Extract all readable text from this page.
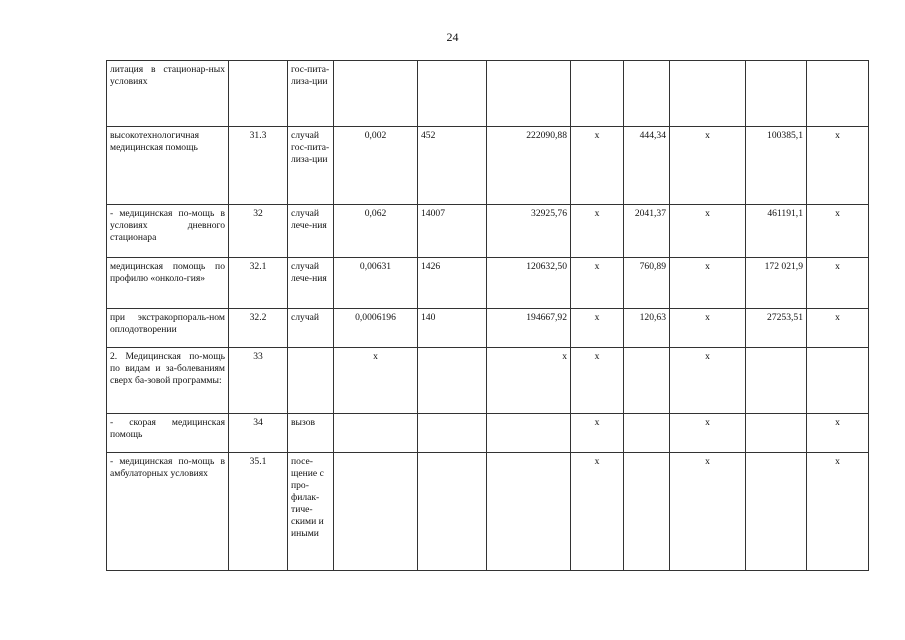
24
литация в стационар-ных условиях		гос-пита-лиза-ции								
высокотехнологичная медицинская помощь	31.3	случай гос-пита-лиза-ции	0,002	452	222090,88	х	444,34	х	100385,1	х
- медицинская по-мощь в условиях дневного стационара	32	случай лече-ния	0,062	14007	32925,76	х	2041,37	х	461191,1	х
медицинская помощь по профилю «онколо-гия»	32.1	случай лече-ния	0,00631	1426	120632,50	х	760,89	х	172 021,9	х
при экстракорпораль-ном оплодотворении	32.2	случай	0,0006196	140	194667,92	х	120,63	х	27253,51	х
2. Медицинская по-мощь по видам и за-болеваниям сверх ба-зовой программы:	33		х		х	х		х		
- скорая медицинская помощь	34	вызов				х		х		х
- медицинская по-мощь в амбулаторных условиях	35.1	посе-щение с про-филак-тиче-скими и иными				х		х		х
